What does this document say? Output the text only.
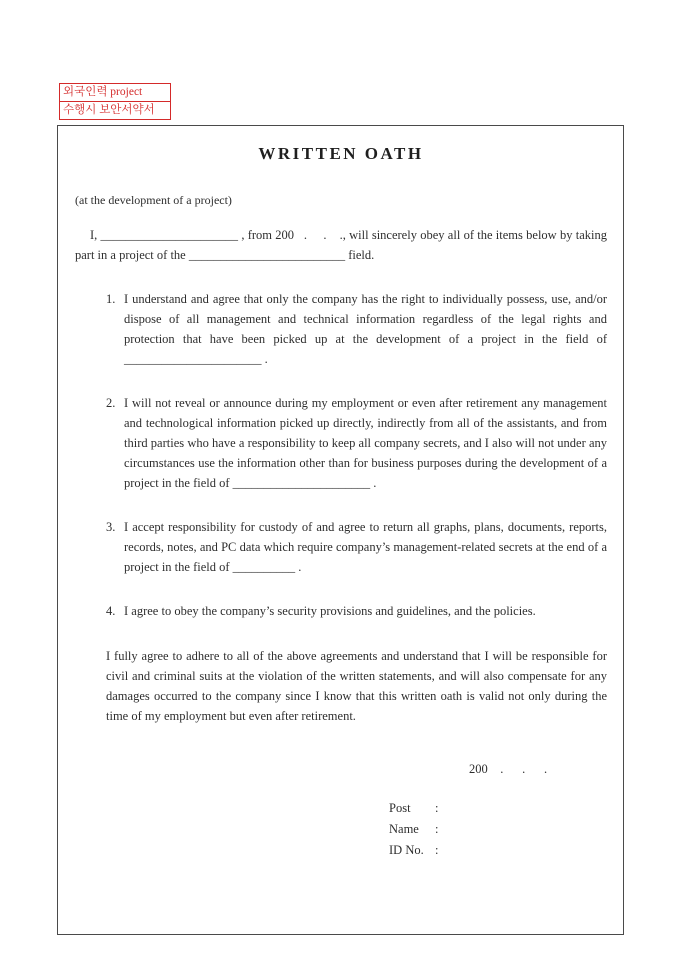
외국인력 project
수행시 보안서약서
WRITTEN OATH

(at the development of a project)

I, ______________________ , from 200   .     .    ., will sincerely obey all of the items below by taking part in a project of the _________________________ field.

1. I understand and agree that only the company has the right to individually possess, use, and/or dispose of all management and technical information regardless of the legal rights and protection that have been picked up at the development of a project in the field of ______________________ .
2. I will not reveal or announce during my employment or even after retirement any management and technological information picked up directly, indirectly from all of the assistants, and from third parties who have a responsibility to keep all company secrets, and I also will not under any circumstances use the information other than for business purposes during the development of a project in the field of ______________________ .
3. I accept responsibility for custody of and agree to return all graphs, plans, documents, reports, records, notes, and PC data which require company’s management-related secrets at the end of a project in the field of __________ .
4. I agree to obey the company’s security provisions and guidelines, and the policies.

I fully agree to adhere to all of the above agreements and understand that I will be responsible for civil and criminal suits at the violation of the written statements, and will also compensate for any damages occurred to the company since I know that this written oath is valid not only during the time of my employment but even after retirement.

200    .      .      .
Post	:
Name	:
ID No. :
